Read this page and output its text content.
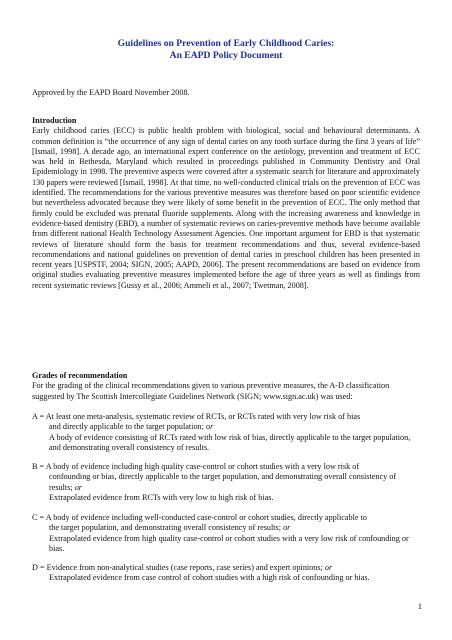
Guidelines on Prevention of Early Childhood Caries:
An EAPD Policy Document
Approved by the EAPD Board November 2008.
Introduction
Early childhood caries (ECC) is public health problem with biological, social and behavioural determinants. A common definition is “the occurrence of any sign of dental caries on any tooth surface during the first 3 years of life” [Ismail, 1998]. A decade ago, an international expert conference on the aetiology, prevention and treatment of ECC was held in Bethesda, Maryland which resulted in proceedings published in Community Dentistry and Oral Epidemiology in 1998. The preventive aspects were covered after a systematic search for literature and approximately 130 papers were reviewed [Ismail, 1998]. At that time, no well-conducted clinical trials on the prevention of ECC was identified. The recommendations for the various preventive measures was therefore based on poor scientific evidence but nevertheless advocated because they were likely of some benefit in the prevention of ECC. The only method that firmly could be excluded was prenatal fluoride supplements. Along with the increasing awareness and knowledge in evidence-based dentistry (EBD), a number of systematic reviews on caries-preventive methods have become available from different national Health Technology Assessment Agencies. One important argument for EBD is that systematic reviews of literature should form the basis for treatment recommendations and thus, several evidence-based recommendations and national guidelines on prevention of dental caries in preschool children has been presented in recent years [USPSTF, 2004; SIGN, 2005; AAPD, 2006]. The present recommendations are based on evidence from original studies evaluating preventive measures implemented before the age of three years as well as findings from recent systematic reviews [Gussy et al., 2006; Ammeli et al., 2007; Twetman, 2008].
Grades of recommendation
For the grading of the clinical recommendations given to various preventive measures, the A-D classification suggested by The Scottish Intercollegiate Guidelines Network (SIGN; www.sign.ac.uk) was used:
A = At least one meta-analysis, systematic review of RCTs, or RCTs rated with very low risk of bias
and directly applicable to the target population; or
A body of evidence consisting of RCTs rated with low risk of bias, directly applicable to the target population, and demonstrating overall consistency of results.
B = A body of evidence including high quality case-control or cohort studies with a very low risk of
confounding or bias, directly applicable to the target population, and demonstrating overall consistency of results; or
Extrapolated evidence from RCTs with very low to high risk of bias.
C = A body of evidence including well-conducted case-control or cohort studies, directly applicable to
the target population, and demonstrating overall consistency of results; or
Extrapolated evidence from high quality case-control or cohort studies with a very low risk of confounding or bias.
D = Evidence from non-analytical studies (case reports, case series) and expert opinions; or
Extrapolated evidence from case control of cohort studies with a high risk of confounding or bias.
1
